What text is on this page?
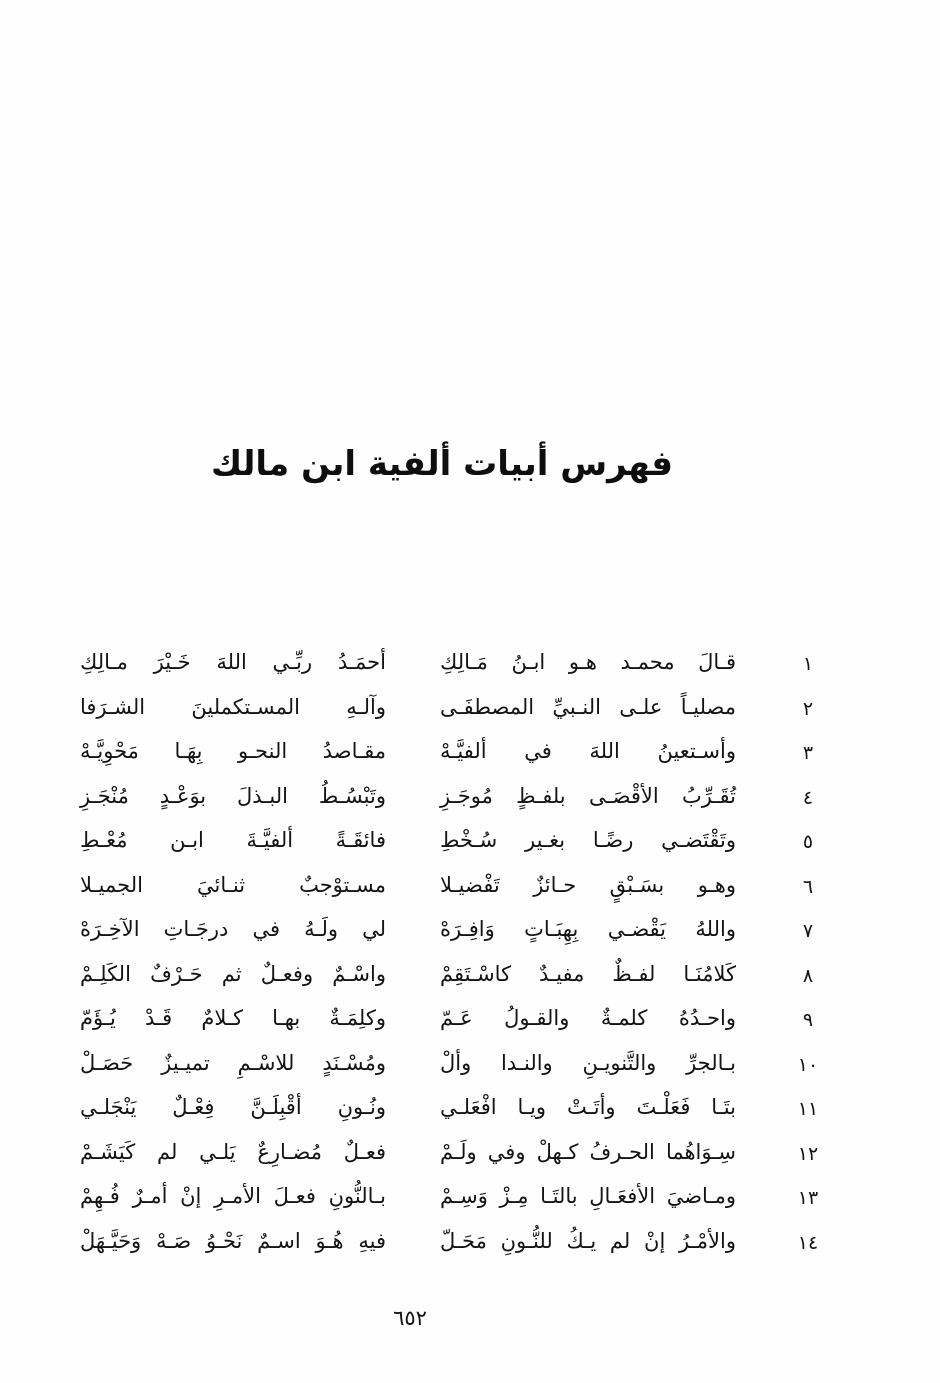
فهرس أبيات ألفية ابن مالك
١
قـالَ محمـد هـو ابـنُ مَـالِكِ
أحمَـدُ ربِّـي اللهَ خَـيْرَ مـالِكِ
٢
مصليـاً علـى النـبيِّ المصطفَـى
وآلـهِ المسـتكملينَ الشـرَفا
٣
وأسـتعينُ اللهَ في ألفيَّـهْ
مقـاصدُ النحـو بِهَـا مَحْوِيَّـهْ
٤
تُقَـرِّبُ الأقْصَـى بلفـظٍ مُوجَـزِ
وتَبْسُـطُ البـذلَ بوَعْـدٍ مُنْجَـزِ
٥
وتَقْتَضـي رضًـا بغـير سُـخْطِ
فائقَـةً ألفيَّـةَ ابـن مُعْـطِ
٦
وهـو بسَـبْقٍ حـائزٌ تَفْضيـلا
مسـتوْجبٌ ثنـائيَ الجميـلا
٧
واللهُ يَقْضـي بِهِبَـاتٍ وَافِـرَهْ
لي ولَـهُ في درجَـاتِ الآخِـرَهْ
٨
كَلامُنَـا لفـظٌ مفيـدٌ كاسْـتَقِمْ
واسْـمٌ وفعـلٌ ثم حَـرْفٌ الكَلِـمْ
٩
واحـدُهُ كلمـةٌ والقـولُ عَـمّ
وكلِمَـةٌ بهـا كـلامٌ قَـدْ يُـؤَمّ
١٠
بـالجرِّ والتَّنويـنِ والنـدا وألْ
ومُسْـنَدٍ للاسْـمِ تميـيزٌ حَصَـلْ
١١
بتَـا فَعَلْـتَ وأتَـتْ ويـا افْعَلـي
ونُـونِ أقْبِلَـنَّ فِعْـلٌ يَنْجَلـي
١٢
سِـوَاهُما الحـرفُ كـهلْ وفي ولَـمْ
فعـلٌ مُضـارِعٌ يَلـي لم كَيَشَـمْ
١٣
ومـاضيَ الأفعَـالِ بالتَـا مِـزْ وَسِـمْ
بـالنُّونِ فعـلَ الأمـرِ إنْ أمـرٌ فُـهِمْ
١٤
والأمْـرُ إنْ لم يـكُ للنُّـونِ مَحَـلّ
فيهِ هُـوَ اسـمٌ نَحْـوُ صَـهْ وَحَيَّـهَلْ
٦٥٢
